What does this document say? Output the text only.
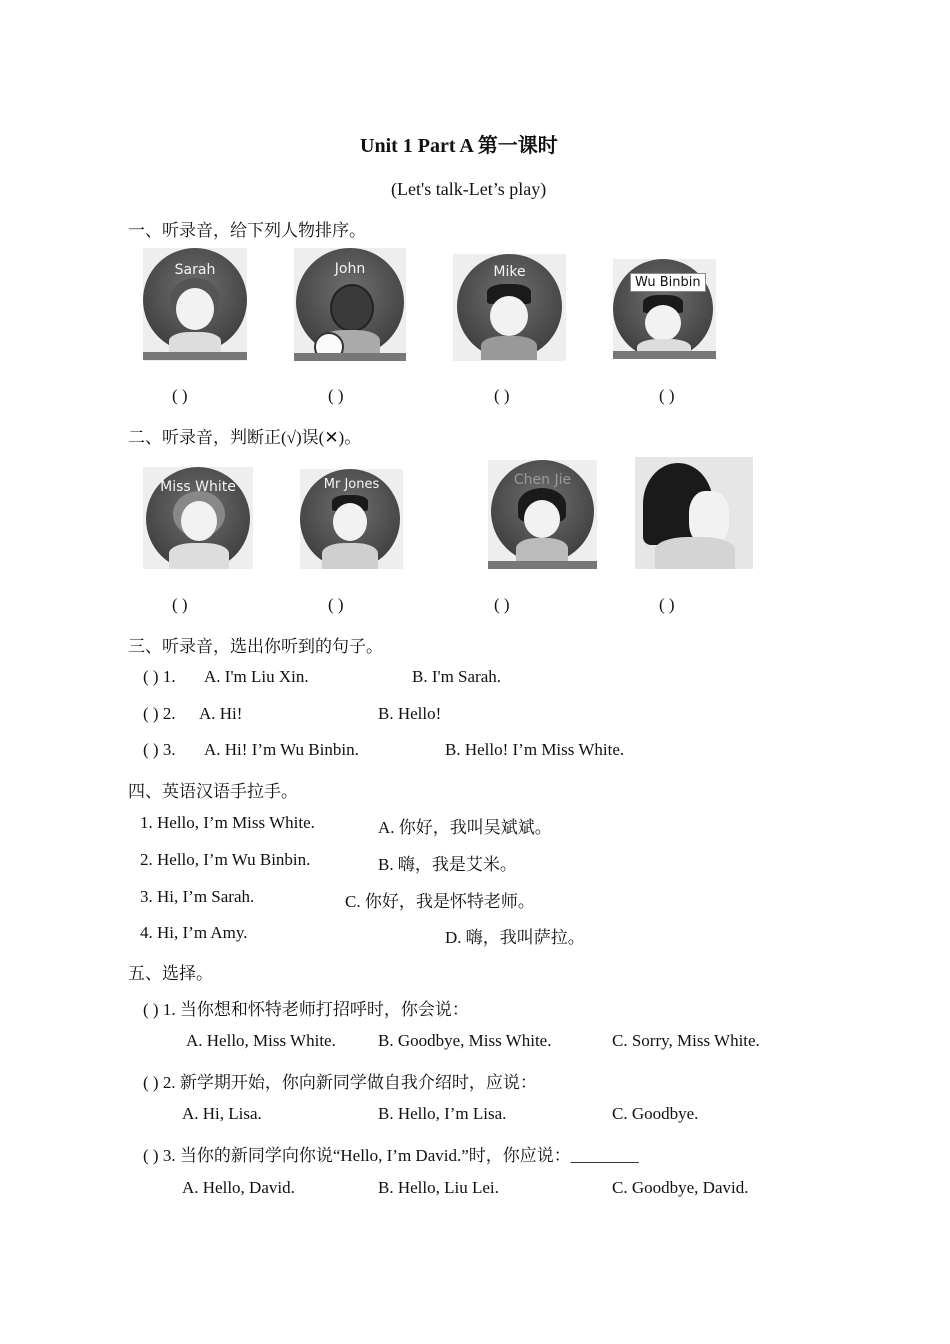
Unit 1 Part A 第一课时
(Let's talk-Let’s play)
一、听录音，给下列人物排序。
Sarah	John	Mike
Wu Binbin
( )	( )	( )	( )
二、听录音，判断正(√)误(✕)。
Miss White	Mr Jones	Chen Jie
( )	( )	( )	( )
三、听录音，选出你听到的句子。
( ) 1. A. I'm Liu Xin.	B. I'm Sarah.
( ) 2. A. Hi!	B. Hello!
( ) 3. A. Hi! I’m Wu Binbin.	B. Hello! I’m Miss White.
四、英语汉语手拉手。
1. Hello, I’m Miss White.	A. 你好，我叫吴斌斌。
2. Hello, I’m Wu Binbin.	B. 嗨，我是艾米。
3. Hi, I’m Sarah.	C. 你好，我是怀特老师。
4. Hi, I’m Amy.	D. 嗨，我叫萨拉。
五、选择。
( ) 1. 当你想和怀特老师打招呼时，你会说：
A. Hello, Miss White. B. Goodbye, Miss White.	C. Sorry, Miss White.
( ) 2. 新学期开始，你向新同学做自我介绍时，应说：
A. Hi, Lisa.	B. Hello, I’m Lisa.	C. Goodbye.
( ) 3. 当你的新同学向你说“Hello, I’m David.”时，你应说：________
A. Hello, David.	B. Hello, Liu Lei.	C. Goodbye, David.
